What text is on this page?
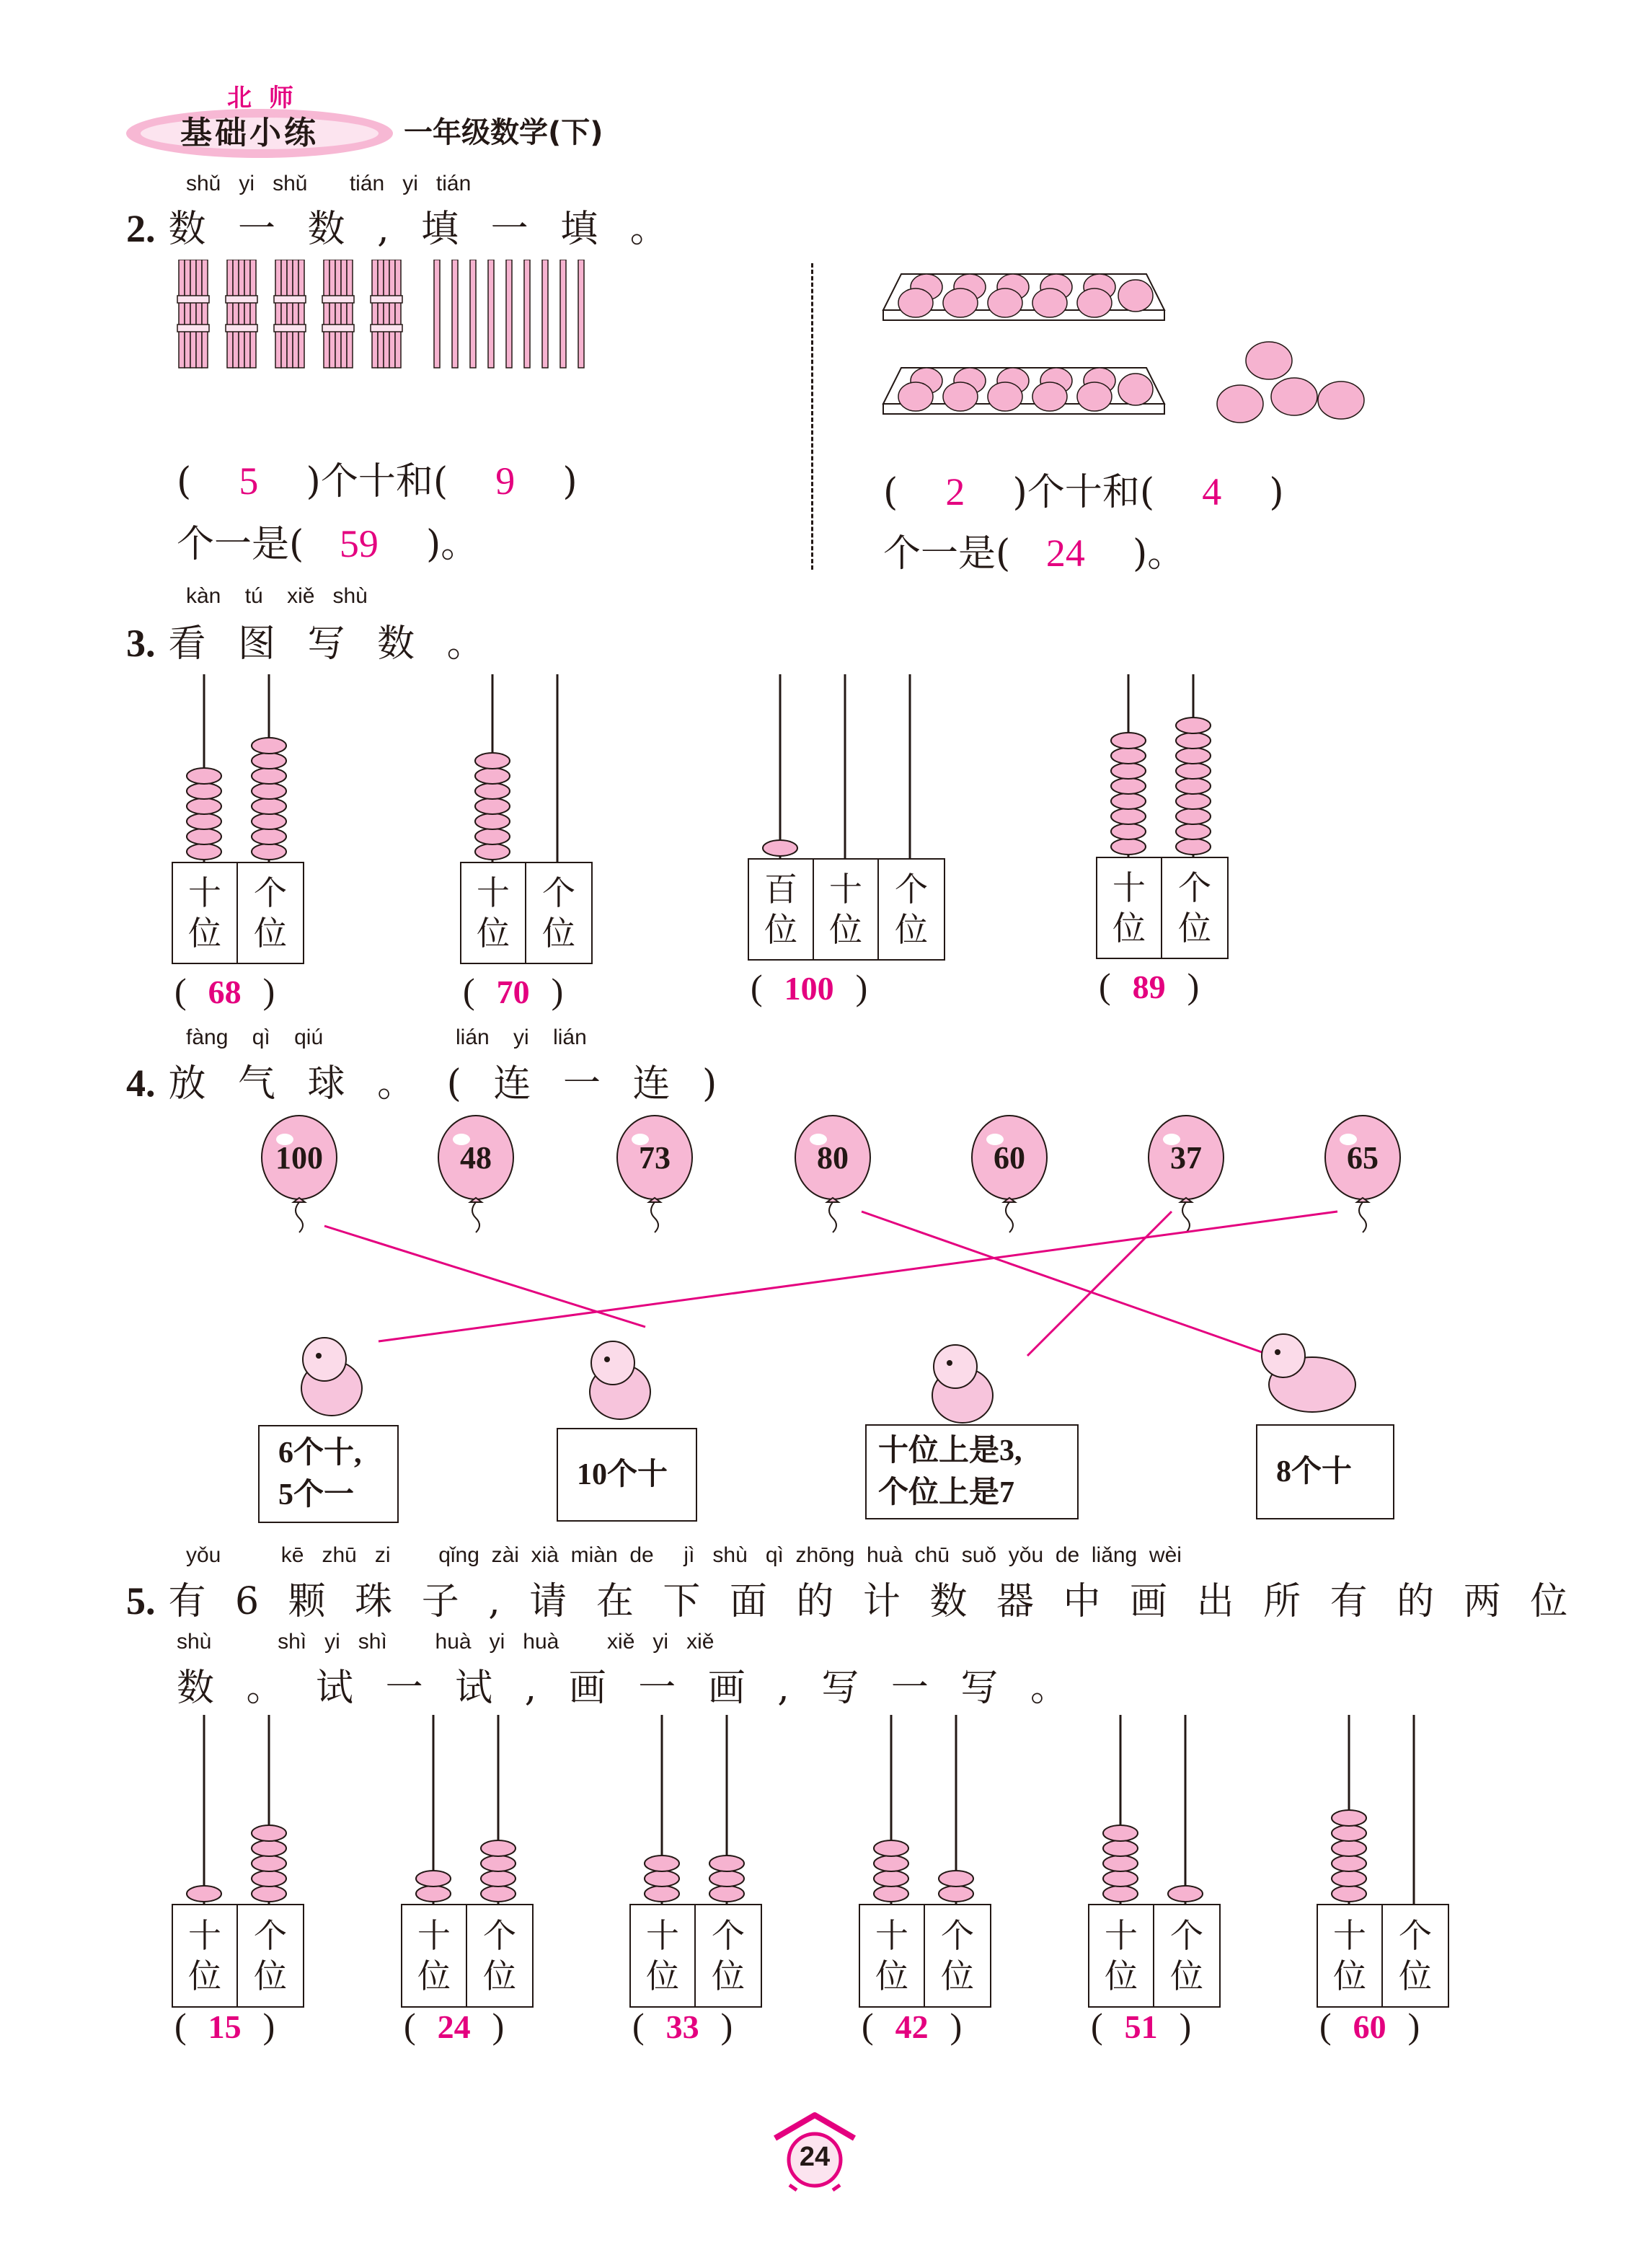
北 师
基础小练	一年级数学(下)
shǔ yi shǔ tián yi tián
2. 数 一 数 , 填 一 填 。
( 5 )个十和( 9 )
个一是( 59 )。
( 2 )个十和( 4 )
个一是( 24 )。
kàn tú xiě shù
3. 看 图 写 数 。
十
位
个
位
( 68 )
十
位
个
位
( 70 )
百
位
十
位
个
位
( 100 )
十
位
个
位
( 89 )
fàng qì qiú	lián yi lián
4. 放 气 球 。 ( 连 一 连 )
100	48	73	80	60	37	65
6个十,
5个一
10个十
十位上是3,
个位上是7
8个十
yǒu	kē zhū zi qǐng zài xià miàn de jì shù qì zhōng huà chū suǒ yǒu de liǎng wèi
5. 有 6 颗 珠 子 , 请 在 下 面 的 计 数 器 中 画 出 所 有 的 两 位
shù	shì yi shì huà yi huà xiě yi xiě
数 。 试 一 试 , 画 一 画 , 写 一 写 。
十
位
个
位
( 15 )
十
位
个
位
( 24 )
十
位
个
位
( 33 )
十
位
个
位
( 42 )
十
位
个
位
( 51 )
十
位
个
位
( 60 )
24
